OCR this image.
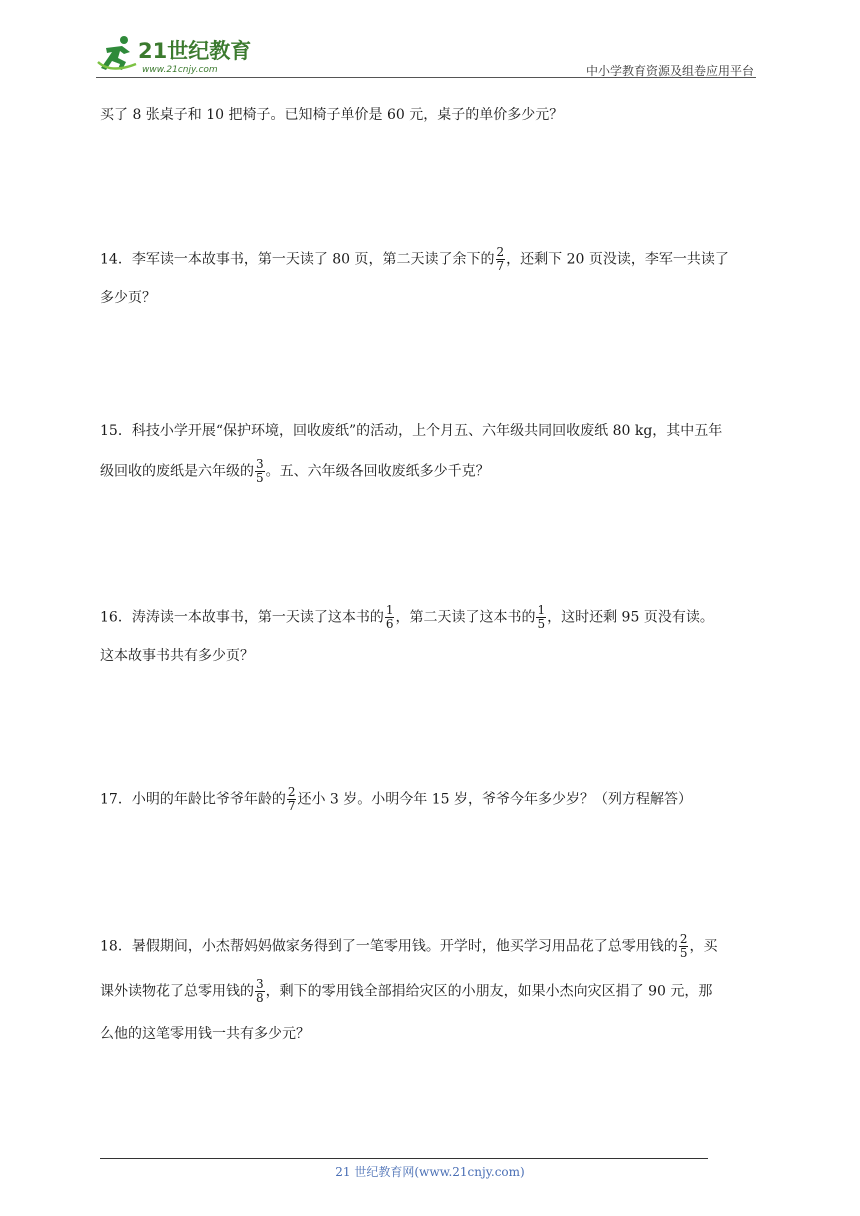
21世纪教育
www.21cnjy.com	中小学教育资源及组卷应用平台
买了 8 张桌子和 10 把椅子。已知椅子单价是 60 元，桌子的单价多少元？
14．李军读一本故事书，第一天读了 80 页，第二天读了余下的 $\frac{2}{7}$ ，还剩下 20 页没读，李军一共读了
多少页？
15．科技小学开展“保护环境，回收废纸”的活动，上个月五、六年级共同回收废纸 80 kg，其中五年
级回收的废纸是六年级的 $\frac{3}{5}$ 。五、六年级各回收废纸多少千克？
16．涛涛读一本故事书，第一天读了这本书的 $\frac{1}{6}$ ，第二天读了这本书的 $\frac{1}{5}$ ，这时还剩 95 页没有读。
这本故事书共有多少页？
17．小明的年龄比爷爷年龄的 $\frac{2}{7}$ 还小 3 岁。小明今年 15 岁，爷爷今年多少岁？（列方程解答）
18．暑假期间，小杰帮妈妈做家务得到了一笔零用钱。开学时，他买学习用品花了总零用钱的 $\frac{2}{5}$ ，买
课外读物花了总零用钱的 $\frac{3}{8}$ ，剩下的零用钱全部捐给灾区的小朋友，如果小杰向灾区捐了 90 元，那
么他的这笔零用钱一共有多少元？
21 世纪教育网(www.21cnjy.com)
